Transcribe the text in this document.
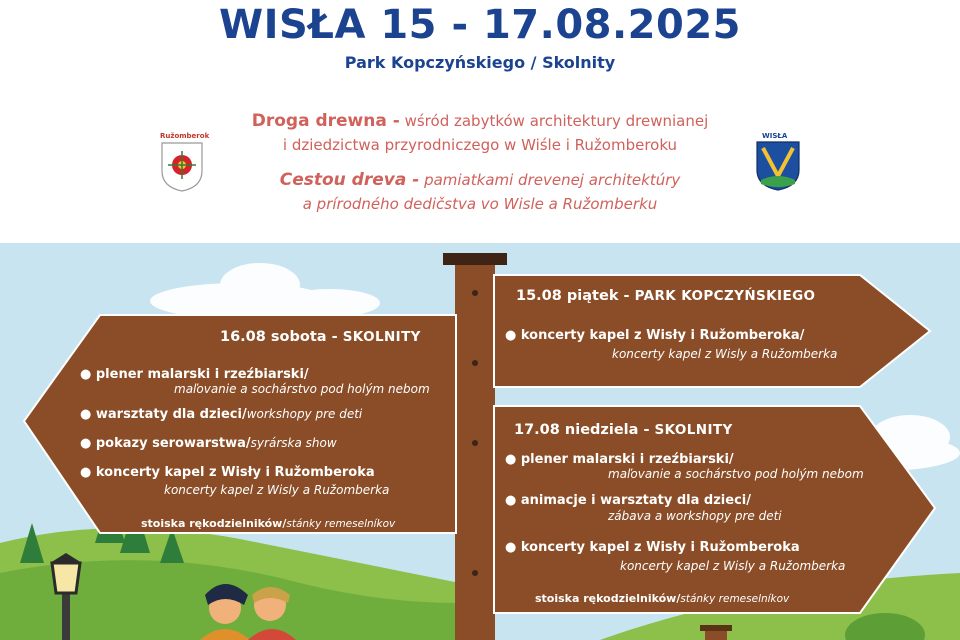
WISŁA 15 - 17.08.2025
Park Kopczyńskiego / Skolnity
Droga drewna - wśród zabytków architektury drewnianej
i dziedzictwa przyrodniczego w Wiśle i Ružomberoku
Cestou dreva - pamiatkami drevenej architektúry
a prírodného dedičstva vo Wisle a Ružomberku
Ružomberok	WISŁA
15.08 piątek - PARK KOPCZYŃSKIEGO
● koncerty kapel z Wisły i Ružomberoka/
koncerty kapel z Wisly a Ružomberka
16.08 sobota - SKOLNITY
● plener malarski i rzeźbiarski/
maľovanie a sochárstvo pod holým nebom
● warsztaty dla dzieci/workshopy pre deti
● pokazy serowarstwa/syrárska show
● koncerty kapel z Wisły i Ružomberoka
koncerty kapel z Wisly a Ružomberka
stoiska rękodzielników/stánky remeselníkov
17.08 niedziela - SKOLNITY
● plener malarski i rzeźbiarski/
maľovanie a sochárstvo pod holým nebom
● animacje i warsztaty dla dzieci/
zábava a workshopy pre deti
● koncerty kapel z Wisły i Ružomberoka
koncerty kapel z Wisly a Ružomberka
stoiska rękodzielników/stánky remeselníkov
